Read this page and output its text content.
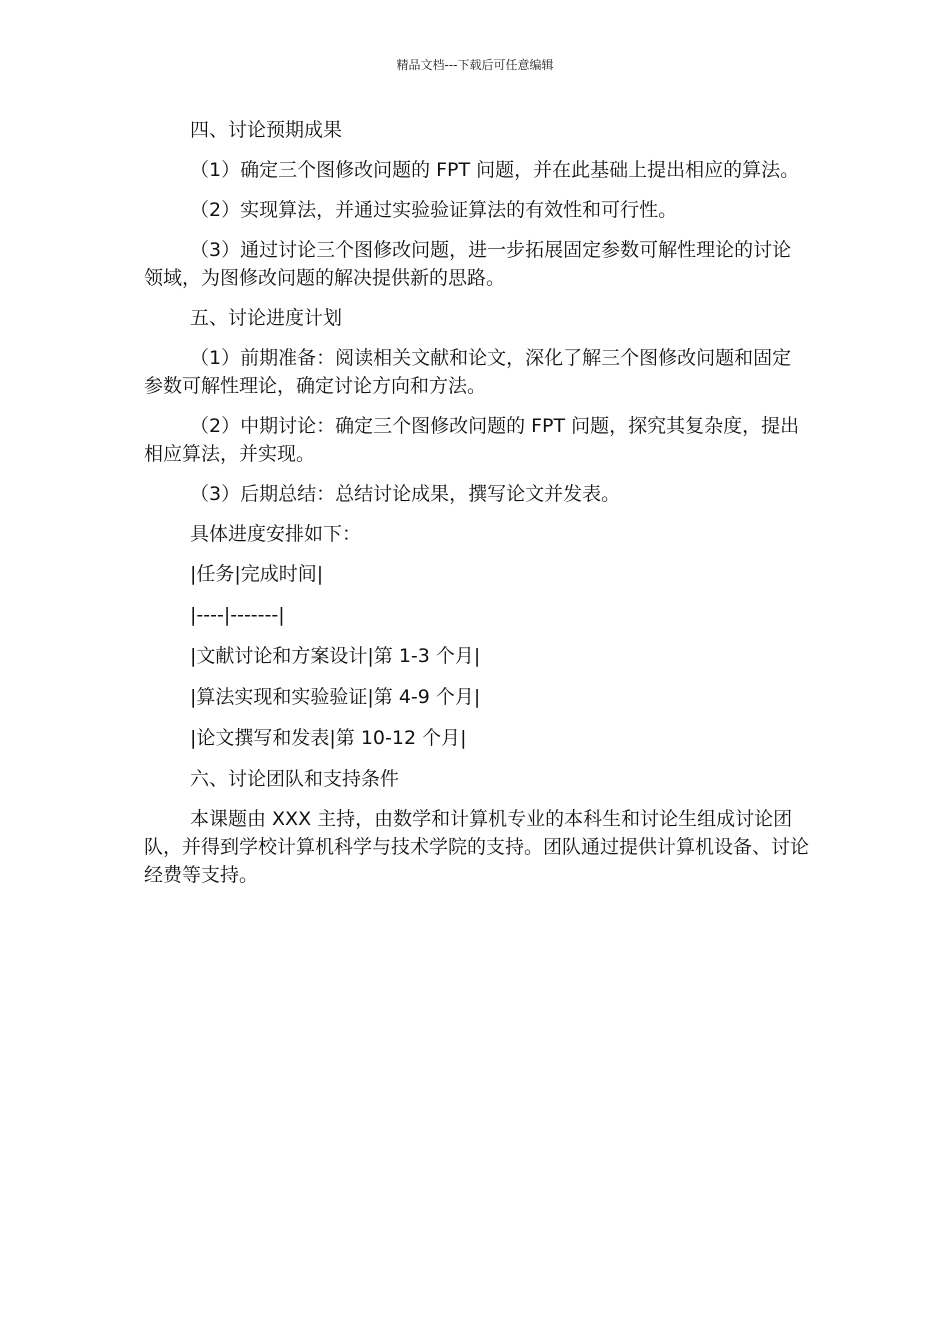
精品文档---下载后可任意编辑

四、讨论预期成果

（1）确定三个图修改问题的 FPT 问题，并在此基础上提出相应的算法。

（2）实现算法，并通过实验验证算法的有效性和可行性。

（3）通过讨论三个图修改问题，进一步拓展固定参数可解性理论的讨论领域，为图修改问题的解决提供新的思路。

五、讨论进度计划

（1）前期准备：阅读相关文献和论文，深化了解三个图修改问题和固定参数可解性理论，确定讨论方向和方法。

（2）中期讨论：确定三个图修改问题的 FPT 问题，探究其复杂度，提出相应算法，并实现。

（3）后期总结：总结讨论成果，撰写论文并发表。

具体进度安排如下：

|任务|完成时间|

|----|-------|

|文献讨论和方案设计|第 1-3 个月|

|算法实现和实验验证|第 4-9 个月|

|论文撰写和发表|第 10-12 个月|

六、讨论团队和支持条件

本课题由 XXX 主持，由数学和计算机专业的本科生和讨论生组成讨论团队，并得到学校计算机科学与技术学院的支持。团队通过提供计算机设备、讨论经费等支持。
